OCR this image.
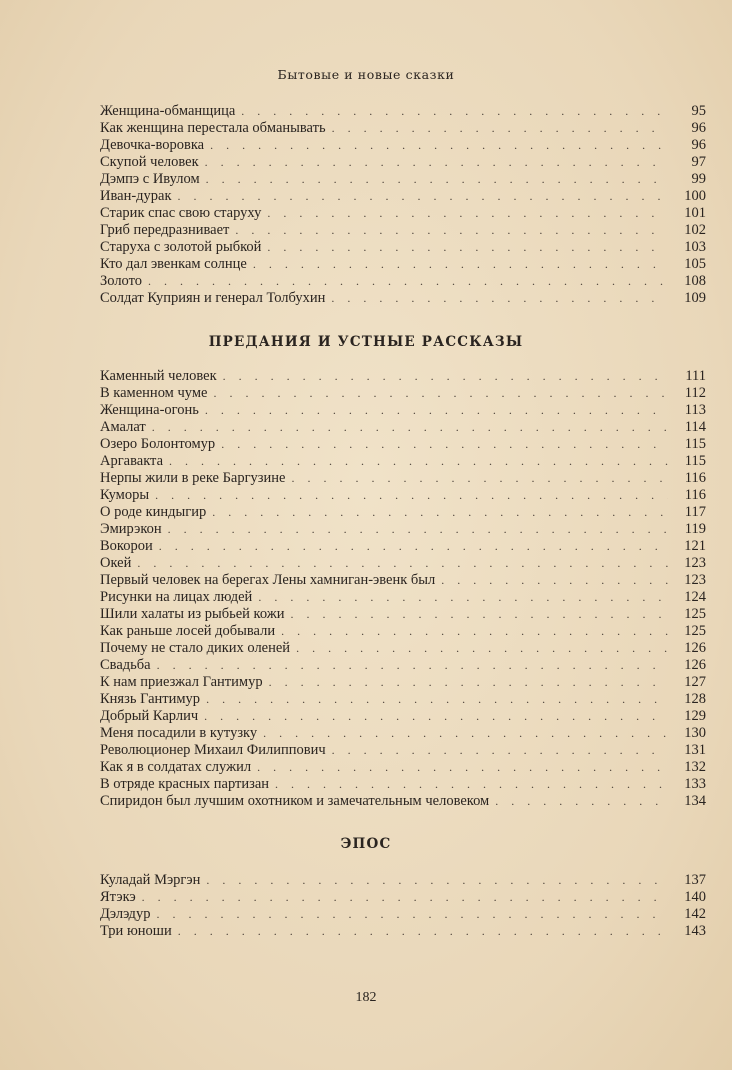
Бытовые и новые сказки
Женщина-обманщица . . .	95
Как женщина перестала обманывать . . .	96
Девочка-воровка . . .	96
Скупой человек . . .	97
Дэмпэ с Ивулом . . .	99
Иван-дурак . . .	100
Старик спас свою старуху . . .	101
Гриб передразнивает . . .	102
Старуха с золотой рыбкой . . .	103
Кто дал эвенкам солнце . . .	105
Золото . . .	108
Солдат Куприян и генерал Толбухин . . .	109
ПРЕДАНИЯ И УСТНЫЕ РАССКАЗЫ
Каменный человек . . .	111
В каменном чуме . . .	112
Женщина-огонь . . .	113
Амалат . . .	114
Озеро Болонтомур . . .	115
Аргавакта . . .	115
Нерпы жили в реке Баргузине . . .	116
Куморы . . .	116
О роде киндыгир . . .	117
Эмирэкон . . .	119
Вокорои . . .	121
Окей . . .	123
Первый человек на берегах Лены хамниган-эвенк был . . .	123
Рисунки на лицах людей . . .	124
Шили халаты из рыбьей кожи . . .	125
Как раньше лосей добывали . . .	125
Почему не стало диких оленей . . .	126
Свадьба . . .	126
К нам приезжал Гантимур . . .	127
Князь Гантимур . . .	128
Добрый Карлич . . .	129
Меня посадили в кутузку . . .	130
Революционер Михаил Филиппович . . .	131
Как я в солдатах служил . . .	132
В отряде красных партизан . . .	133
Спиридон был лучшим охотником и замечательным человеком . . .	134
ЭПОС
Куладай Мэргэн . . .	137
Ятэкэ . . .	140
Дэлэдур . . .	142
Три юноши . . .	143
182
